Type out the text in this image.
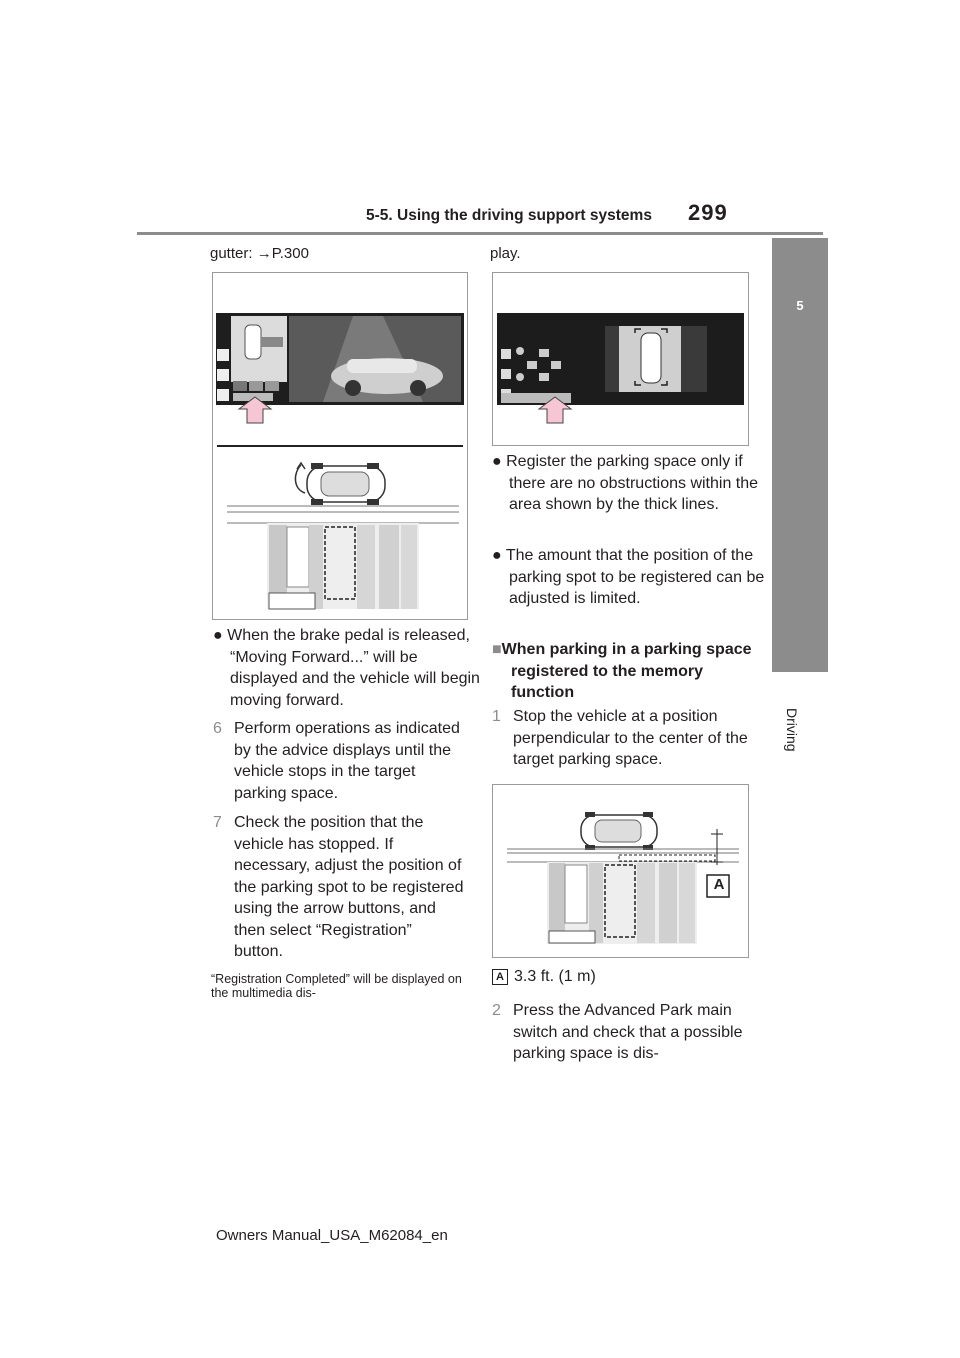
5-5. Using the driving support systems 299
5
Driving
gutter: →P.300
● When the brake pedal is released, “Moving Forward...” will be displayed and the vehicle will begin moving forward.
6 Perform operations as indicated by the advice displays until the vehicle stops in the target parking space.
7 Check the position that the vehicle has stopped. If necessary, adjust the position of the parking spot to be registered using the arrow buttons, and then select “Registration” button.
“Registration Completed” will be displayed on the multimedia dis-
play.
● Register the parking space only if there are no obstructions within the area shown by the thick lines.
● The amount that the position of the parking spot to be registered can be adjusted is limited.
■When parking in a parking space registered to the memory function
1 Stop the vehicle at a position perpendicular to the center of the target parking space.
A
A 3.3 ft. (1 m)
2 Press the Advanced Park main switch and check that a possible parking space is dis-
Owners Manual_USA_M62084_en
